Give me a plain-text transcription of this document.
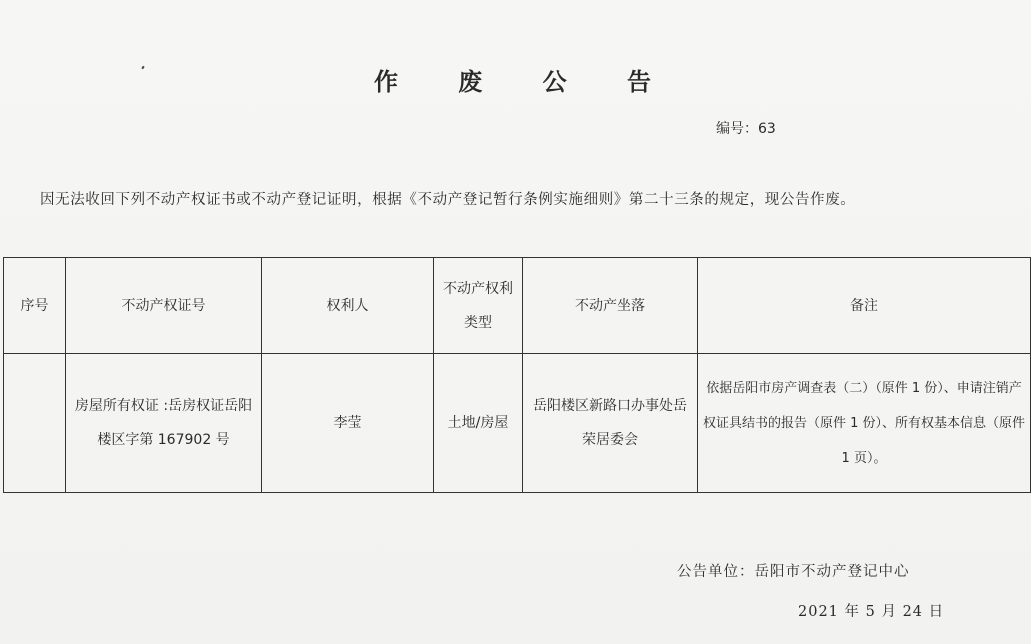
作 废 公 告
编号：63
因无法收回下列不动产权证书或不动产登记证明，根据《不动产登记暂行条例实施细则》第二十三条的规定，现公告作废。
序号	不动产权证号	权利人	不动产权利类型	不动产坐落	备注
	房屋所有权证 :岳房权证岳阳楼区字第 167902 号	李莹	土地/房屋	岳阳楼区新路口办事处岳荣居委会	依据岳阳市房产调查表（二）（原件 1 份）、申请注销产权证具结书的报告（原件 1 份）、所有权基本信息（原件 1 页）。
公告单位：岳阳市不动产登记中心
2021 年 5 月 24 日
